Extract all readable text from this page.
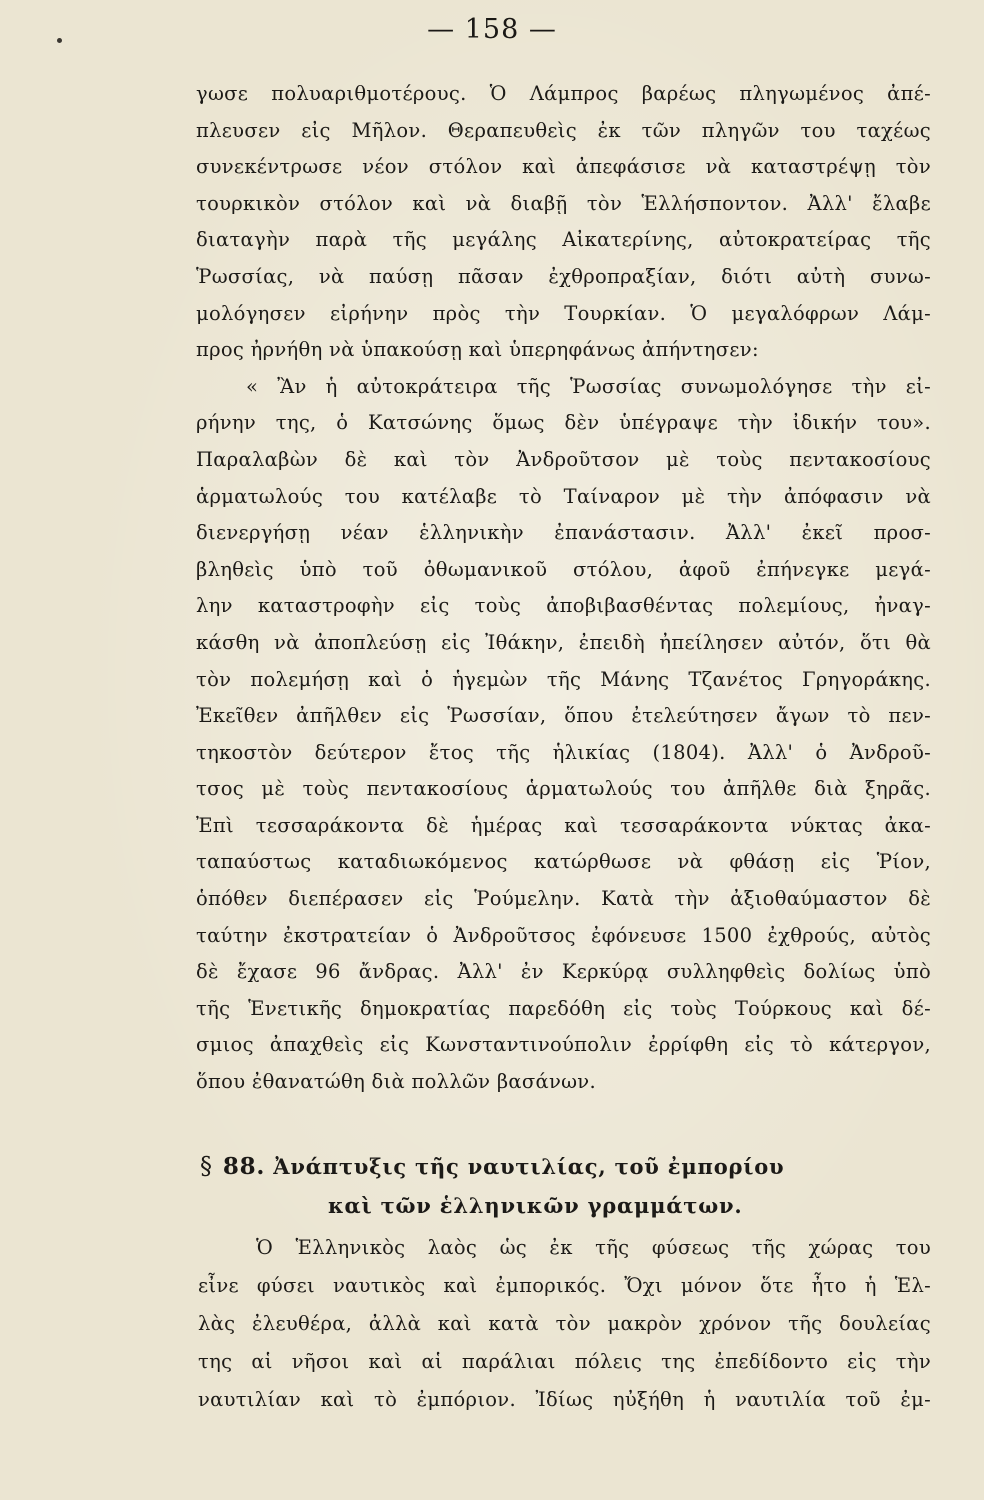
— 158 —
γωσε πολυαριθμοτέρους. Ὁ Λάμπρος βαρέως πληγωμένος ἀπέ-
πλευσεν εἰς Μῆλον. Θεραπευθεὶς ἐκ τῶν πληγῶν του ταχέως
συνεκέντρωσε νέον στόλον καὶ ἀπεφάσισε νὰ καταστρέψῃ τὸν
τουρκικὸν στόλον καὶ νὰ διαβῇ τὸν Ἑλλήσποντον. Ἀλλ' ἔλαβε
διαταγὴν παρὰ τῆς μεγάλης Αἰκατερίνης, αὐτοκρατείρας τῆς
Ῥωσσίας, νὰ παύσῃ πᾶσαν ἐχθροπραξίαν, διότι αὐτὴ συνω-
μολόγησεν εἰρήνην πρὸς τὴν Τουρκίαν. Ὁ μεγαλόφρων Λάμ-
προς ἠρνήθη νὰ ὑπακούσῃ καὶ ὑπερηφάνως ἀπήντησεν:
« Ἂν ἡ αὐτοκράτειρα τῆς Ῥωσσίας συνωμολόγησε τὴν εἰ-
ρήνην της, ὁ Κατσώνης ὅμως δὲν ὑπέγραψε τὴν ἰδικήν του».
Παραλαβὼν δὲ καὶ τὸν Ἀνδροῦτσον μὲ τοὺς πεντακοσίους
ἁρματωλούς του κατέλαβε τὸ Ταίναρον μὲ τὴν ἀπόφασιν νὰ
διενεργήσῃ νέαν ἑλληνικὴν ἐπανάστασιν. Ἀλλ' ἐκεῖ προσ-
βληθεὶς ὑπὸ τοῦ ὀθωμανικοῦ στόλου, ἀφοῦ ἐπήνεγκε μεγά-
λην καταστροφὴν εἰς τοὺς ἀποβιβασθέντας πολεμίους, ἠναγ-
κάσθη νὰ ἀποπλεύσῃ εἰς Ἰθάκην, ἐπειδὴ ἠπείλησεν αὐτόν, ὅτι θὰ
τὸν πολεμήσῃ καὶ ὁ ἡγεμὼν τῆς Μάνης Τζανέτος Γρηγοράκης.
Ἐκεῖθεν ἀπῆλθεν εἰς Ῥωσσίαν, ὅπου ἐτελεύτησεν ἄγων τὸ πεν-
τηκοστὸν δεύτερον ἔτος τῆς ἡλικίας (1804). Ἀλλ' ὁ Ἀνδροῦ-
τσος μὲ τοὺς πεντακοσίους ἁρματωλούς του ἀπῆλθε διὰ ξηρᾶς.
Ἐπὶ τεσσαράκοντα δὲ ἡμέρας καὶ τεσσαράκοντα νύκτας ἀκα-
ταπαύστως καταδιωκόμενος κατώρθωσε νὰ φθάσῃ εἰς Ῥίον,
ὁπόθεν διεπέρασεν εἰς Ῥούμελην. Κατὰ τὴν ἀξιοθαύμαστον δὲ
ταύτην ἐκστρατείαν ὁ Ἀνδροῦτσος ἐφόνευσε 1500 ἐχθρούς, αὐτὸς
δὲ ἔχασε 96 ἄνδρας. Ἀλλ' ἐν Κερκύρᾳ συλληφθεὶς δολίως ὑπὸ
τῆς Ἑνετικῆς δημοκρατίας παρεδόθη εἰς τοὺς Τούρκους καὶ δέ-
σμιος ἀπαχθεὶς εἰς Κωνσταντινούπολιν ἐρρίφθη εἰς τὸ κάτεργον,
ὅπου ἐθανατώθη διὰ πολλῶν βασάνων.
§ 88. Ἀνάπτυξις τῆς ναυτιλίας, τοῦ ἐμπορίου
καὶ τῶν ἑλληνικῶν γραμμάτων.
Ὁ Ἑλληνικὸς λαὸς ὡς ἐκ τῆς φύσεως τῆς χώρας του
εἶνε φύσει ναυτικὸς καὶ ἐμπορικός. Ὄχι μόνον ὅτε ἦτο ἡ Ἑλ-
λὰς ἐλευθέρα, ἀλλὰ καὶ κατὰ τὸν μακρὸν χρόνον τῆς δουλείας
της αἱ νῆσοι καὶ αἱ παράλιαι πόλεις της ἐπεδίδοντο εἰς τὴν
ναυτιλίαν καὶ τὸ ἐμπόριον. Ἰδίως ηὐξήθη ἡ ναυτιλία τοῦ ἐμ-
